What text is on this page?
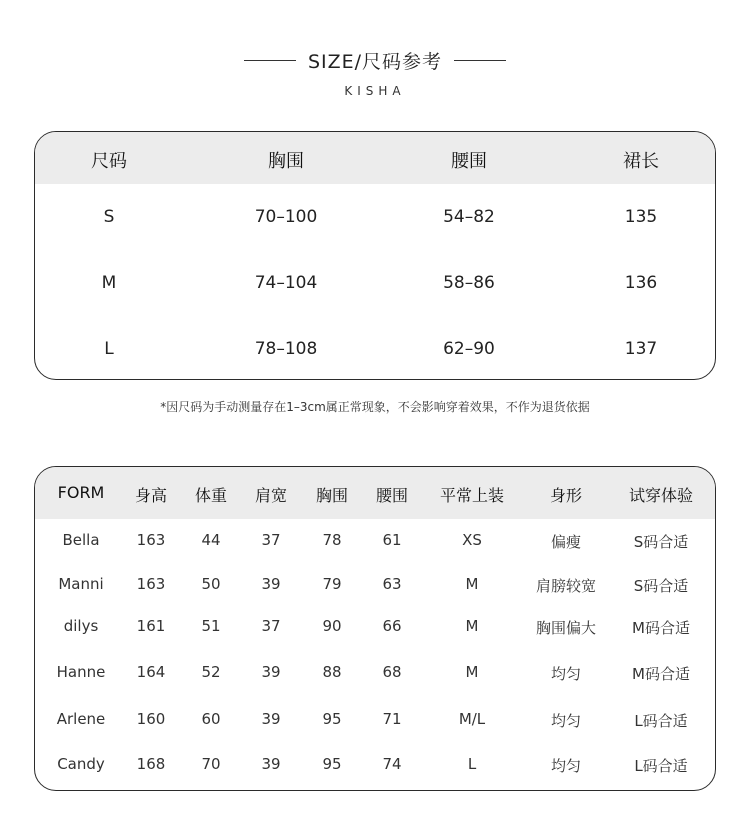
SIZE/尺码参考
KISHA
尺码	胸围	腰围	裙长
S	70–100	54–82	135
M	74–104	58–86	136
L	78–108	62–90	137
*因尺码为手动测量存在1–3cm属正常现象，不会影响穿着效果，不作为退货依据
FORM	身高	体重	肩宽	胸围	腰围	平常上装	身形	试穿体验
Bella	163	44	37	78	61	XS	偏瘦	S码合适
Manni	163	50	39	79	63	M	肩膀较宽	S码合适
dilys	161	51	37	90	66	M	胸围偏大	M码合适
Hanne	164	52	39	88	68	M	均匀	M码合适
Arlene	160	60	39	95	71	M/L	均匀	L码合适
Candy	168	70	39	95	74	L	均匀	L码合适
